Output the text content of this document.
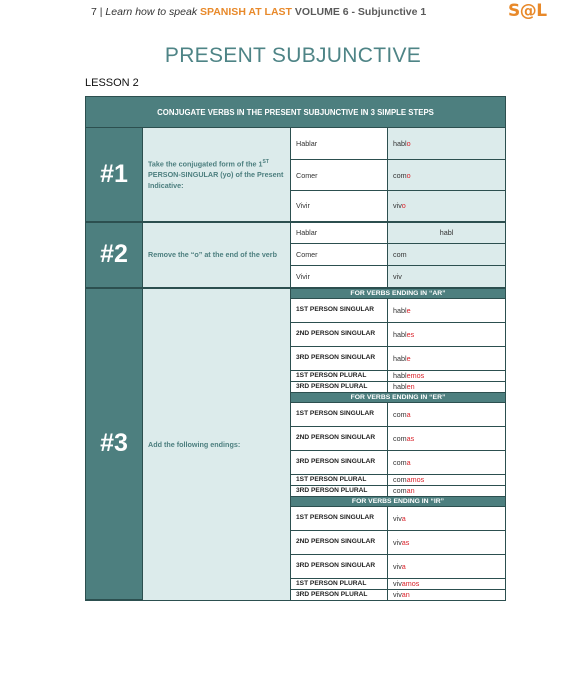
7 | Learn how to speak SPANISH AT LAST VOLUME 6 - Subjunctive 1	S@L
PRESENT SUBJUNCTIVE
LESSON 2
CONJUGATE VERBS IN THE PRESENT SUBJUNCTIVE IN 3 SIMPLE STEPS			
#1	Take the conjugated form of the 1ST PERSON-SINGULAR (yo) of the Present Indicative:	Hablar	hablo
		Comer	como
		Vivir	vivo
#2	Remove the “o” at the end of the verb	Hablar	habl
		Comer	com
		Vivir	viv
#3	Add the following endings:	FOR VERBS ENDING IN “AR”	
		1ST PERSON SINGULAR	hable
		2ND PERSON SINGULAR	hables
		3RD PERSON SINGULAR	hable
		1ST PERSON PLURAL	hablemos
		3RD PERSON PLURAL	hablen
		FOR VERBS ENDING IN “ER”	
		1ST PERSON SINGULAR	coma
		2ND PERSON SINGULAR	comas
		3RD PERSON SINGULAR	coma
		1ST PERSON PLURAL	comamos
		3RD PERSON PLURAL	coman
		FOR VERBS ENDING IN “IR”	
		1ST PERSON SINGULAR	viva
		2ND PERSON SINGULAR	vivas
		3RD PERSON SINGULAR	viva
		1ST PERSON PLURAL	vivamos
		3RD PERSON PLURAL	vivan
